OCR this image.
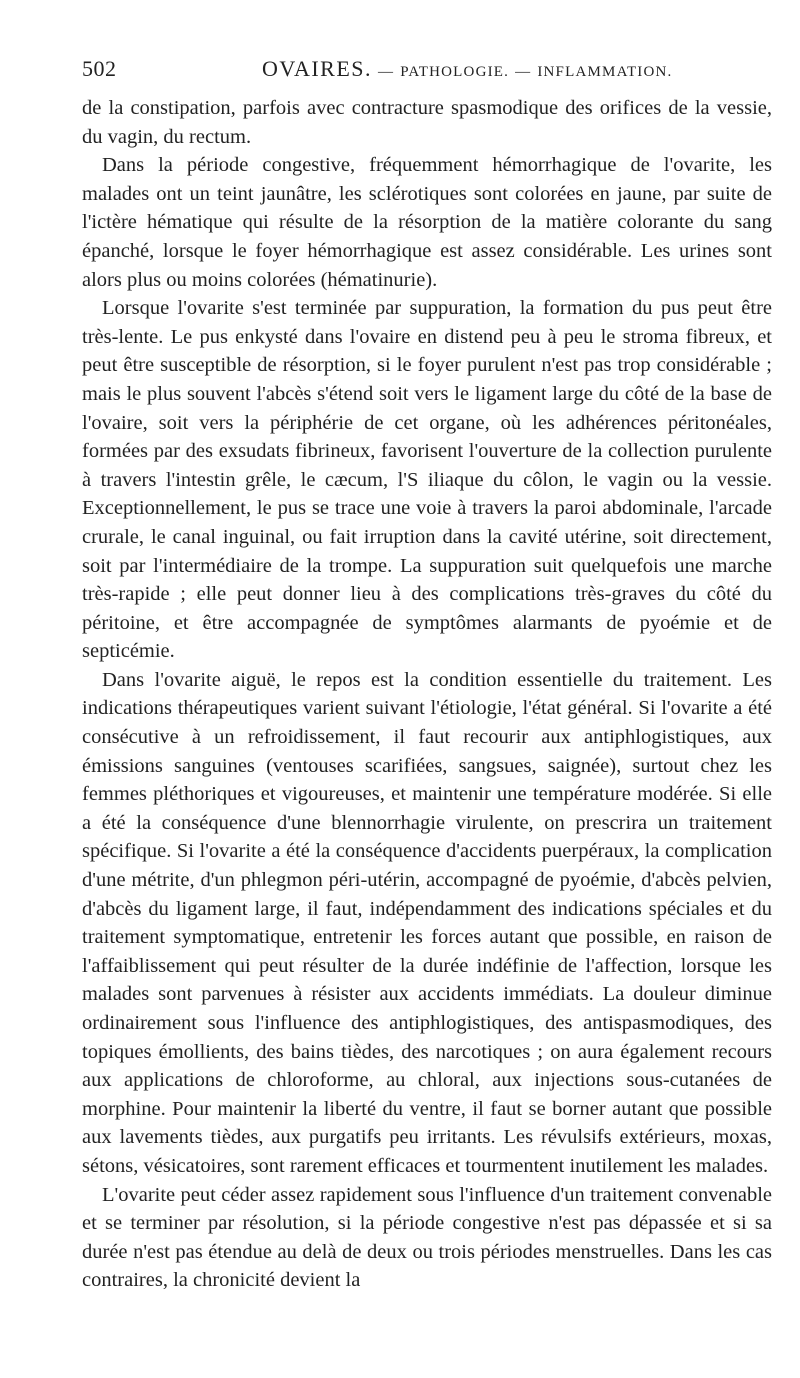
502	OVAIRES. — PATHOLOGIE. — INFLAMMATION.

de la constipation, parfois avec contracture spasmodique des orifices de la vessie, du vagin, du rectum.

Dans la période congestive, fréquemment hémorrhagique de l'ovarite, les malades ont un teint jaunâtre, les sclérotiques sont colorées en jaune, par suite de l'ictère hématique qui résulte de la résorption de la matière colorante du sang épanché, lorsque le foyer hémorrhagique est assez considérable. Les urines sont alors plus ou moins colorées (hématinurie).

Lorsque l'ovarite s'est terminée par suppuration, la formation du pus peut être très-lente. Le pus enkysté dans l'ovaire en distend peu à peu le stroma fibreux, et peut être susceptible de résorption, si le foyer purulent n'est pas trop considérable ; mais le plus souvent l'abcès s'étend soit vers le ligament large du côté de la base de l'ovaire, soit vers la périphérie de cet organe, où les adhérences péritonéales, formées par des exsudats fibrineux, favorisent l'ouverture de la collection purulente à travers l'intestin grêle, le cæcum, l'S iliaque du côlon, le vagin ou la vessie. Exceptionnellement, le pus se trace une voie à travers la paroi abdominale, l'arcade crurale, le canal inguinal, ou fait irruption dans la cavité utérine, soit directement, soit par l'intermédiaire de la trompe. La suppuration suit quelquefois une marche très-rapide ; elle peut donner lieu à des complications très-graves du côté du péritoine, et être accompagnée de symptômes alarmants de pyoémie et de septicémie.

Dans l'ovarite aiguë, le repos est la condition essentielle du traitement. Les indications thérapeutiques varient suivant l'étiologie, l'état général. Si l'ovarite a été consécutive à un refroidissement, il faut recourir aux antiphlogistiques, aux émissions sanguines (ventouses scarifiées, sangsues, saignée), surtout chez les femmes pléthoriques et vigoureuses, et maintenir une température modérée. Si elle a été la conséquence d'une blennorrhagie virulente, on prescrira un traitement spécifique. Si l'ovarite a été la conséquence d'accidents puerpéraux, la complication d'une métrite, d'un phlegmon péri-utérin, accompagné de pyoémie, d'abcès pelvien, d'abcès du ligament large, il faut, indépendamment des indications spéciales et du traitement symptomatique, entretenir les forces autant que possible, en raison de l'affaiblissement qui peut résulter de la durée indéfinie de l'affection, lorsque les malades sont parvenues à résister aux accidents immédiats. La douleur diminue ordinairement sous l'influence des antiphlogistiques, des antispasmodiques, des topiques émollients, des bains tièdes, des narcotiques ; on aura également recours aux applications de chloroforme, au chloral, aux injections sous-cutanées de morphine. Pour maintenir la liberté du ventre, il faut se borner autant que possible aux lavements tièdes, aux purgatifs peu irritants. Les révulsifs extérieurs, moxas, sétons, vésicatoires, sont rarement efficaces et tourmentent inutilement les malades.

L'ovarite peut céder assez rapidement sous l'influence d'un traitement convenable et se terminer par résolution, si la période congestive n'est pas dépassée et si sa durée n'est pas étendue au delà de deux ou trois périodes menstruelles. Dans les cas contraires, la chronicité devient la
